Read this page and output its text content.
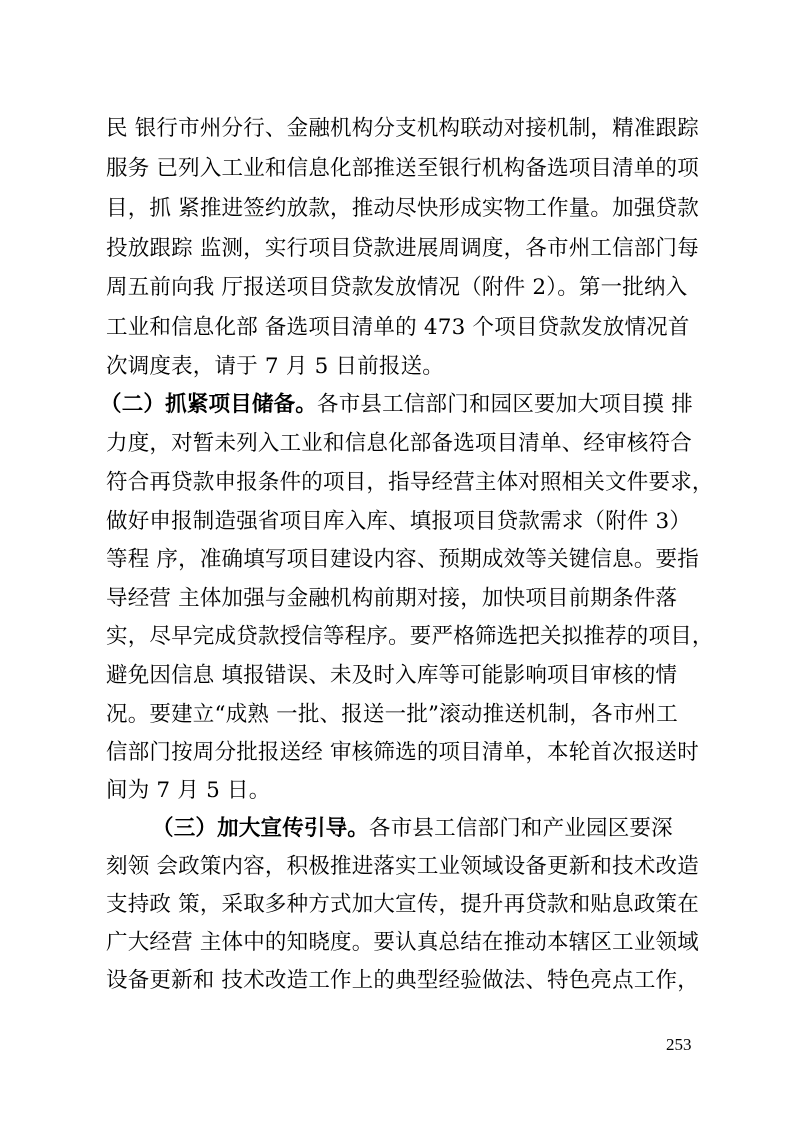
民 银行市州分行、金融机构分支机构联动对接机制，精准跟踪
服务 已列入工业和信息化部推送至银行机构备选项目清单的项
目，抓 紧推进签约放款，推动尽快形成实物工作量。加强贷款
投放跟踪 监测，实行项目贷款进展周调度，各市州工信部门每
周五前向我 厅报送项目贷款发放情况（附件 2）。第一批纳入
工业和信息化部 备选项目清单的 473 个项目贷款发放情况首
次调度表，请于 7 月 5 日前报送。
（二）抓紧项目储备。各市县工信部门和园区要加大项目摸 排
力度，对暂未列入工业和信息化部备选项目清单、经审核符合
符合再贷款申报条件的项目，指导经营主体对照相关文件要求，
做好申报制造强省项目库入库、填报项目贷款需求（附件 3）
等程 序，准确填写项目建设内容、预期成效等关键信息。要指
导经营 主体加强与金融机构前期对接，加快项目前期条件落
实，尽早完成贷款授信等程序。要严格筛选把关拟推荐的项目，
避免因信息 填报错误、未及时入库等可能影响项目审核的情
况。要建立“成熟 一批、报送一批”滚动推送机制，各市州工
信部门按周分批报送经 审核筛选的项目清单，本轮首次报送时
间为 7 月 5 日。
（三）加大宣传引导。各市县工信部门和产业园区要深
刻领 会政策内容，积极推进落实工业领域设备更新和技术改造
支持政 策，采取多种方式加大宣传，提升再贷款和贴息政策在
广大经营 主体中的知晓度。要认真总结在推动本辖区工业领域
设备更新和 技术改造工作上的典型经验做法、特色亮点工作，
253
